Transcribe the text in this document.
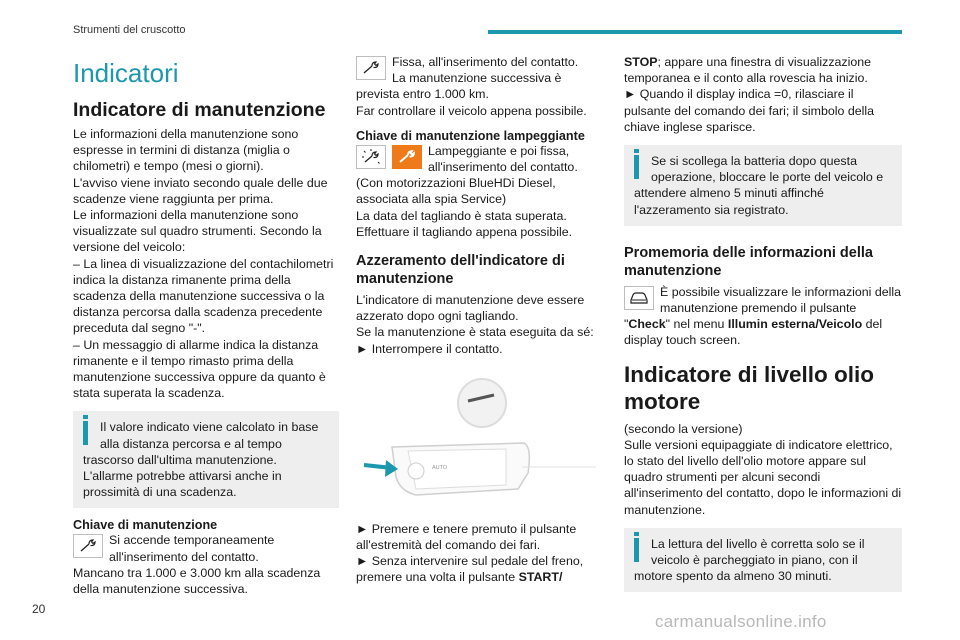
Strumenti del cruscotto
Indicatori
Indicatore di manutenzione

Le informazioni della manutenzione sono espresse in termini di distanza (miglia o chilometri) e tempo (mesi o giorni).
L'avviso viene inviato secondo quale delle due scadenze viene raggiunta per prima.
Le informazioni della manutenzione sono visualizzate sul quadro strumenti. Secondo la versione del veicolo:
– La linea di visualizzazione del contachilometri indica la distanza rimanente prima della scadenza della manutenzione successiva o la distanza percorsa dalla scadenza precedente preceduta dal segno "-".
– Un messaggio di allarme indica la distanza rimanente e il tempo rimasto prima della manutenzione successiva oppure da quanto è stata superata la scadenza.

Il valore indicato viene calcolato in base alla distanza percorsa e al tempo trascorso dall'ultima manutenzione.
L'allarme potrebbe attivarsi anche in prossimità di una scadenza.
Chiave di manutenzione

Si accende temporaneamente all'inserimento del contatto.
Mancano tra 1.000 e 3.000 km alla scadenza della manutenzione successiva.

Fissa, all'inserimento del contatto.
La manutenzione successiva è prevista entro 1.000 km.
Far controllare il veicolo appena possibile.

Chiave di manutenzione lampeggiante

Lampeggiante e poi fissa, all'inserimento del contatto.
(Con motorizzazioni BlueHDi Diesel, associata alla spia Service)
La data del tagliando è stata superata.
Effettuare il tagliando appena possibile.

Azzeramento dell'indicatore di manutenzione

L'indicatore di manutenzione deve essere azzerato dopo ogni tagliando.
Se la manutenzione è stata eseguita da sé:
► Interrompere il contatto.

AUTO

► Premere e tenere premuto il pulsante all'estremità del comando dei fari.
► Senza intervenire sul pedale del freno, premere una volta il pulsante START/

STOP; appare una finestra di visualizzazione temporanea e il conto alla rovescia ha inizio.
► Quando il display indica =0, rilasciare il pulsante del comando dei fari; il simbolo della chiave inglese sparisce.

Se si scollega la batteria dopo questa operazione, bloccare le porte del veicolo e attendere almeno 5 minuti affinché l'azzeramento sia registrato.
Promemoria delle informazioni della manutenzione

È possibile visualizzare le informazioni della manutenzione premendo il pulsante "Check" nel menu Illumin esterna/Veicolo del display touch screen.

Indicatore di livello olio motore

(secondo la versione)
Sulle versioni equipaggiate di indicatore elettrico, lo stato del livello dell'olio motore appare sul quadro strumenti per alcuni secondi all'inserimento del contatto, dopo le informazioni di manutenzione.

La lettura del livello è corretta solo se il veicolo è parcheggiato in piano, con il motore spento da almeno 30 minuti.
20
carmanualsonline.info
